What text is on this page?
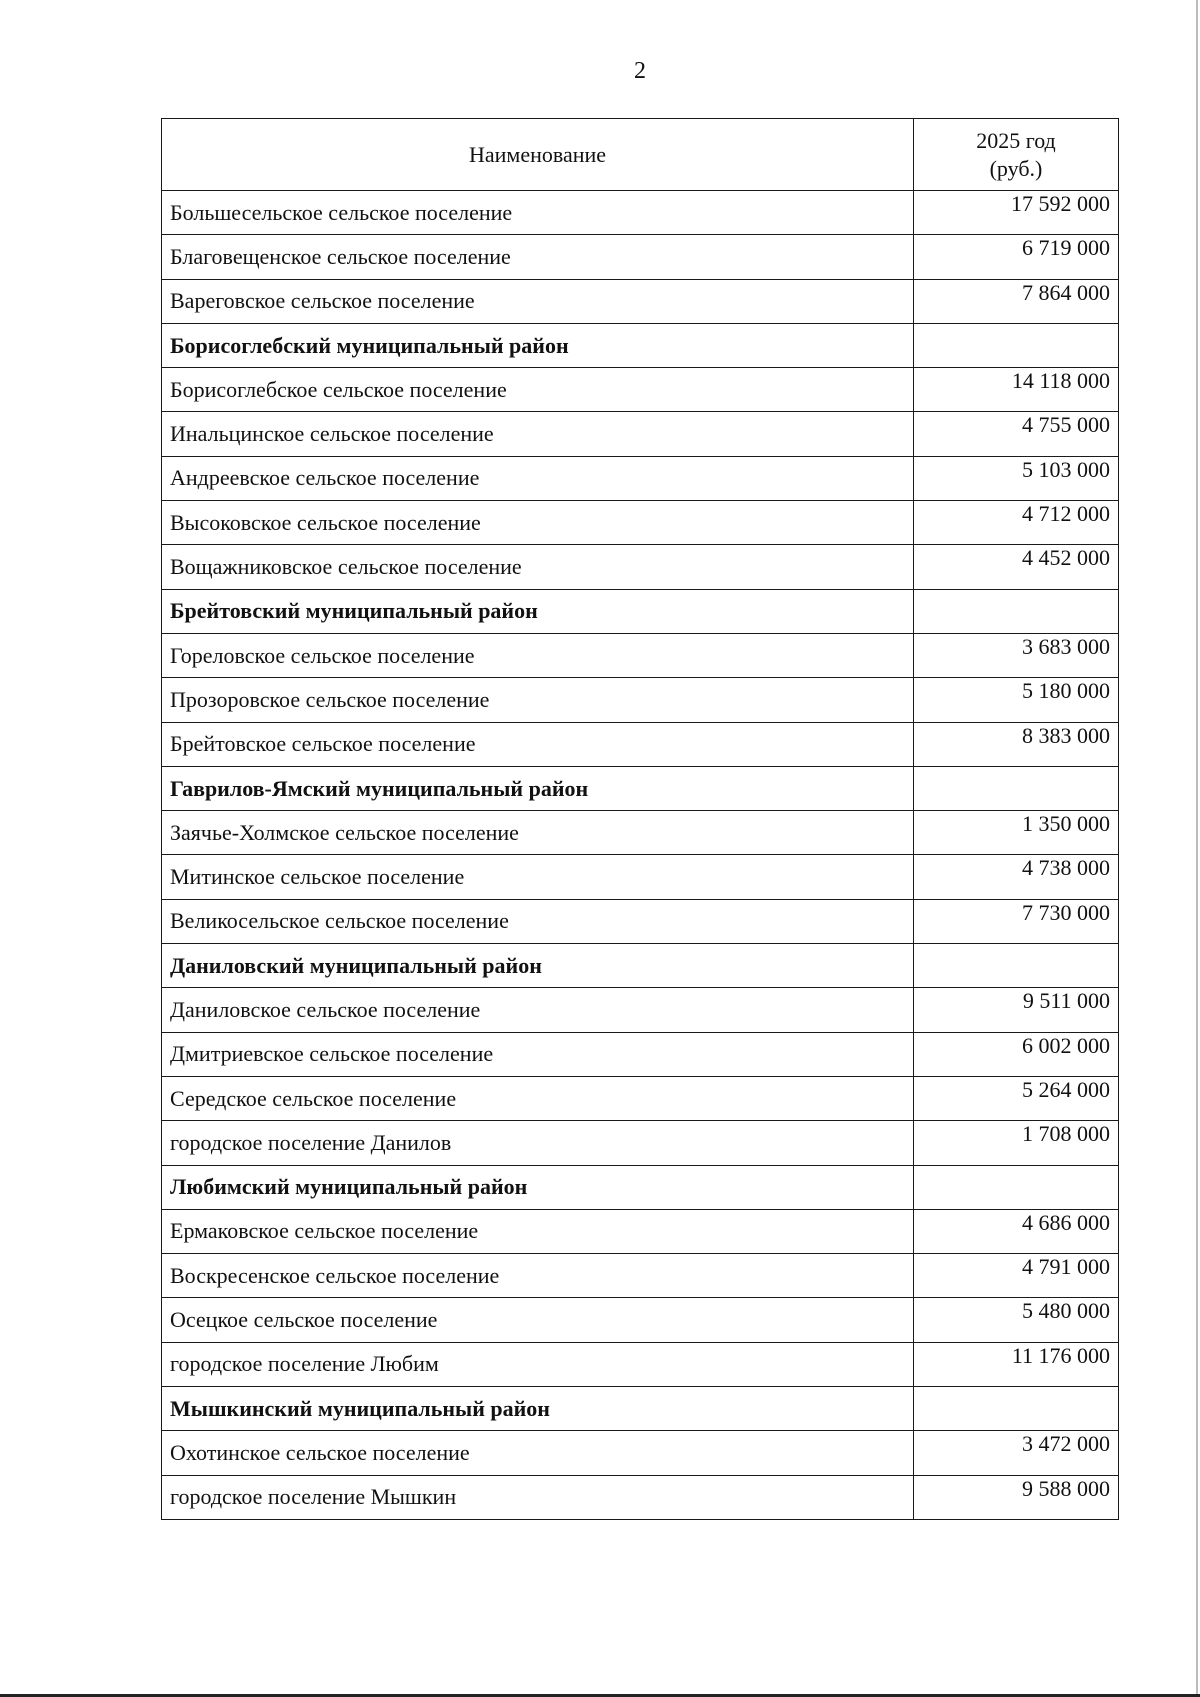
2
Наименование	2025 год
(руб.)
Большесельское сельское поселение	17 592 000
Благовещенское сельское поселение	6 719 000
Вареговское сельское поселение	7 864 000
Борисоглебский муниципальный район	
Борисоглебское сельское поселение	14 118 000
Инальцинское сельское поселение	4 755 000
Андреевское сельское поселение	5 103 000
Высоковское сельское поселение	4 712 000
Вощажниковское сельское поселение	4 452 000
Брейтовский муниципальный район	
Гореловское сельское поселение	3 683 000
Прозоровское сельское поселение	5 180 000
Брейтовское сельское поселение	8 383 000
Гаврилов-Ямский муниципальный район	
Заячье-Холмское сельское поселение	1 350 000
Митинское сельское поселение	4 738 000
Великосельское сельское поселение	7 730 000
Даниловский муниципальный район	
Даниловское сельское поселение	9 511 000
Дмитриевское сельское поселение	6 002 000
Середское сельское поселение	5 264 000
городское поселение Данилов	1 708 000
Любимский муниципальный район	
Ермаковское сельское поселение	4 686 000
Воскресенское сельское поселение	4 791 000
Осецкое сельское поселение	5 480 000
городское поселение Любим	11 176 000
Мышкинский муниципальный район	
Охотинское сельское поселение	3 472 000
городское поселение Мышкин	9 588 000
